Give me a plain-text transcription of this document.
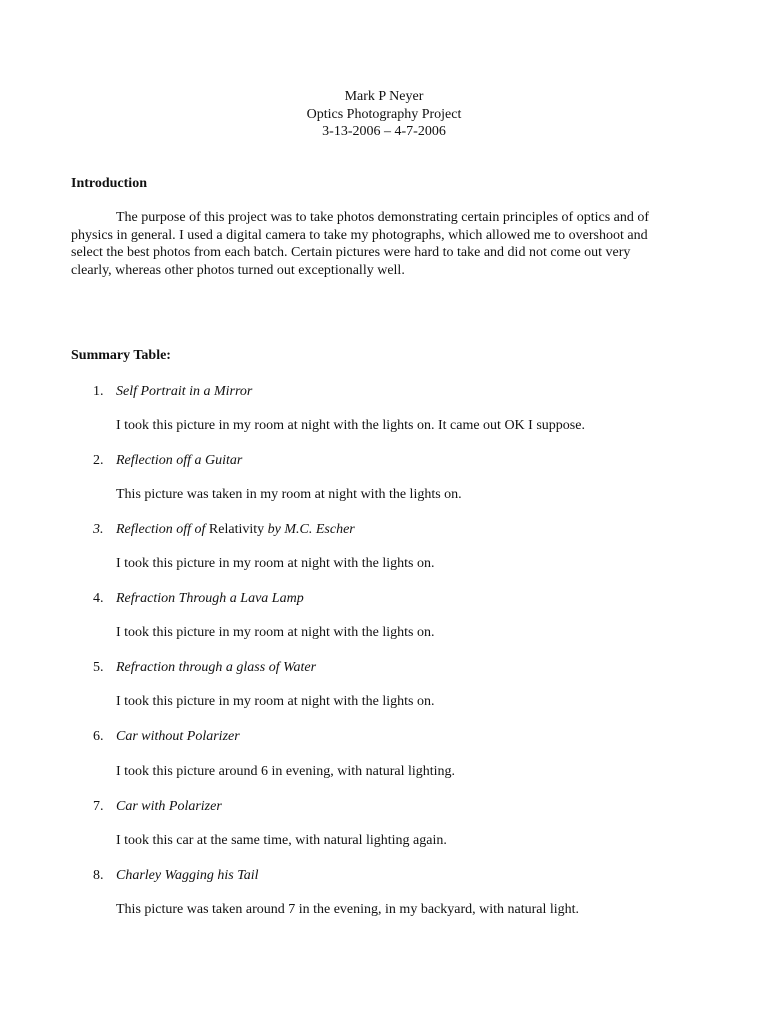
Mark P Neyer
Optics Photography Project
3-13-2006 – 4-7-2006
Introduction
The purpose of this project was to take photos demonstrating certain principles of optics and of
physics in general. I used a digital camera to take my photographs, which allowed me to overshoot and
select the best photos from each batch. Certain pictures were hard to take and did not come out very
clearly, whereas other photos turned out exceptionally well.
Summary Table:
1. Self Portrait in a Mirror
I took this picture in my room at night with the lights on. It came out OK I suppose.
2. Reflection off a Guitar
This picture was taken in my room at night with the lights on.
3. Reflection off of Relativity by M.C. Escher
I took this picture in my room at night with the lights on.
4. Refraction Through a Lava Lamp
I took this picture in my room at night with the lights on.
5. Refraction through a glass of Water
I took this picture in my room at night with the lights on.
6. Car without Polarizer
I took this picture around 6 in evening, with natural lighting.
7. Car with Polarizer
I took this car at the same time, with natural lighting again.
8. Charley Wagging his Tail
This picture was taken around 7 in the evening, in my backyard, with natural light.
